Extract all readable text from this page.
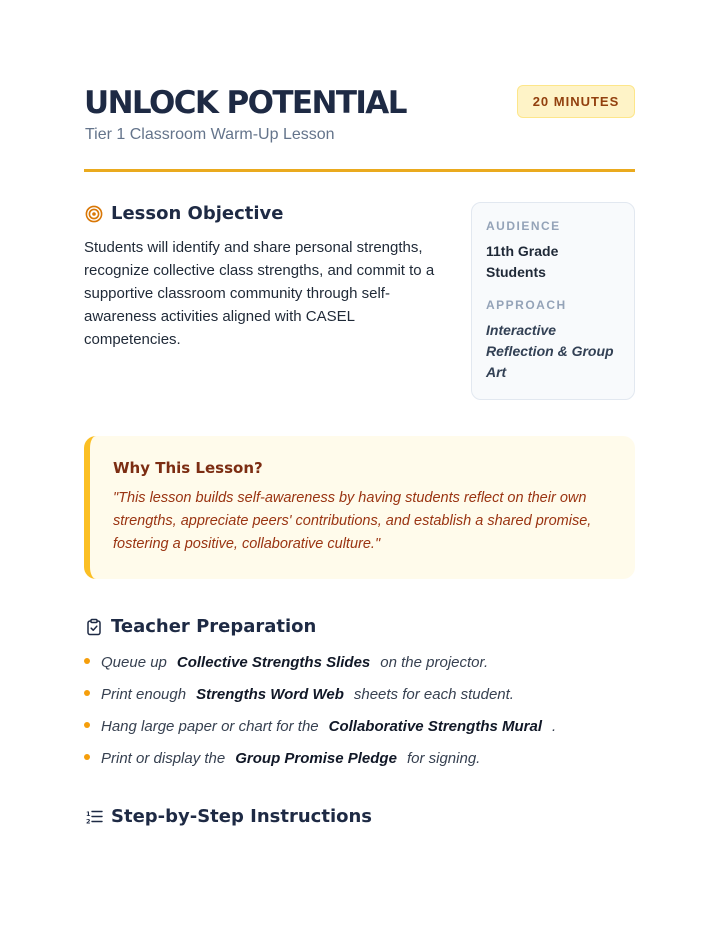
UNLOCK POTENTIAL
Tier 1 Classroom Warm-Up Lesson
20 MINUTES
Lesson Objective

Students will identify and share personal strengths, recognize collective class strengths, and commit to a supportive classroom community through self-awareness activities aligned with CASEL competencies.

AUDIENCE
11th Grade Students
APPROACH
Interactive Reflection & Group Art
Why This Lesson?

"This lesson builds self-awareness by having students reflect on their own strengths, appreciate peers' contributions, and establish a shared promise, fostering a positive, collaborative culture."

Teacher Preparation
Queue up Collective Strengths Slides on the projector.
Print enough Strengths Word Web sheets for each student.
Hang large paper or chart for the Collaborative Strengths Mural .
Print or display the Group Promise Pledge for signing.
1
2 Step-by-Step Instructions
